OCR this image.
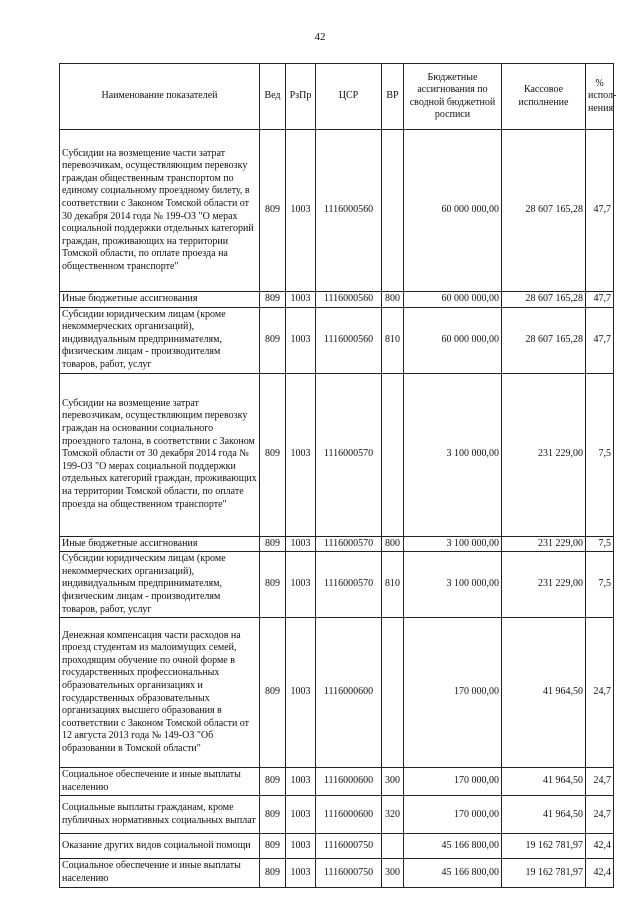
42
Наименование показателей	Вед	РзПр	ЦСР	ВР	Бюджетные ассигнования по сводной бюджетной росписи	Кассовое исполнение	% испол-нения
Субсидии на возмещение части затрат перевозчикам, осуществляющим перевозку граждан общественным транспортом по единому социальному проездному билету, в соответствии с Законом Томской области от 30 декабря 2014 года № 199-ОЗ "О мерах социальной поддержки отдельных категорий граждан, проживающих на территории Томской области, по оплате проезда на общественном транспорте"	809	1003	1116000560		60 000 000,00	28 607 165,28	47,7
Иные бюджетные ассигнования	809	1003	1116000560	800	60 000 000,00	28 607 165,28	47,7
Субсидии юридическим лицам (кроме некоммерческих организаций), индивидуальным предпринимателям, физическим лицам - производителям товаров, работ, услуг	809	1003	1116000560	810	60 000 000,00	28 607 165,28	47,7
Субсидии на возмещение затрат перевозчикам, осуществляющим перевозку граждан на основании социального проездного талона, в соответствии с Законом Томской области от 30 декабря 2014 года № 199-ОЗ "О мерах социальной поддержки отдельных категорий граждан, проживающих на территории Томской области, по оплате проезда на общественном транспорте"	809	1003	1116000570		3 100 000,00	231 229,00	7,5
Иные бюджетные ассигнования	809	1003	1116000570	800	3 100 000,00	231 229,00	7,5
Субсидии юридическим лицам (кроме некоммерческих организаций), индивидуальным предпринимателям, физическим лицам - производителям товаров, работ, услуг	809	1003	1116000570	810	3 100 000,00	231 229,00	7,5
Денежная компенсация части расходов на проезд студентам из малоимущих семей, проходящим обучение по очной форме в государственных профессиональных образовательных организациях и государственных образовательных организациях высшего образования в соответствии с Законом Томской области от 12 августа 2013 года № 149-ОЗ "Об образовании в Томской области"	809	1003	1116000600		170 000,00	41 964,50	24,7
Социальное обеспечение и иные выплаты населению	809	1003	1116000600	300	170 000,00	41 964,50	24,7
Социальные выплаты гражданам, кроме публичных нормативных социальных выплат	809	1003	1116000600	320	170 000,00	41 964,50	24,7
Оказание других видов социальной помощи	809	1003	1116000750		45 166 800,00	19 162 781,97	42,4
Социальное обеспечение и иные выплаты населению	809	1003	1116000750	300	45 166 800,00	19 162 781,97	42,4
